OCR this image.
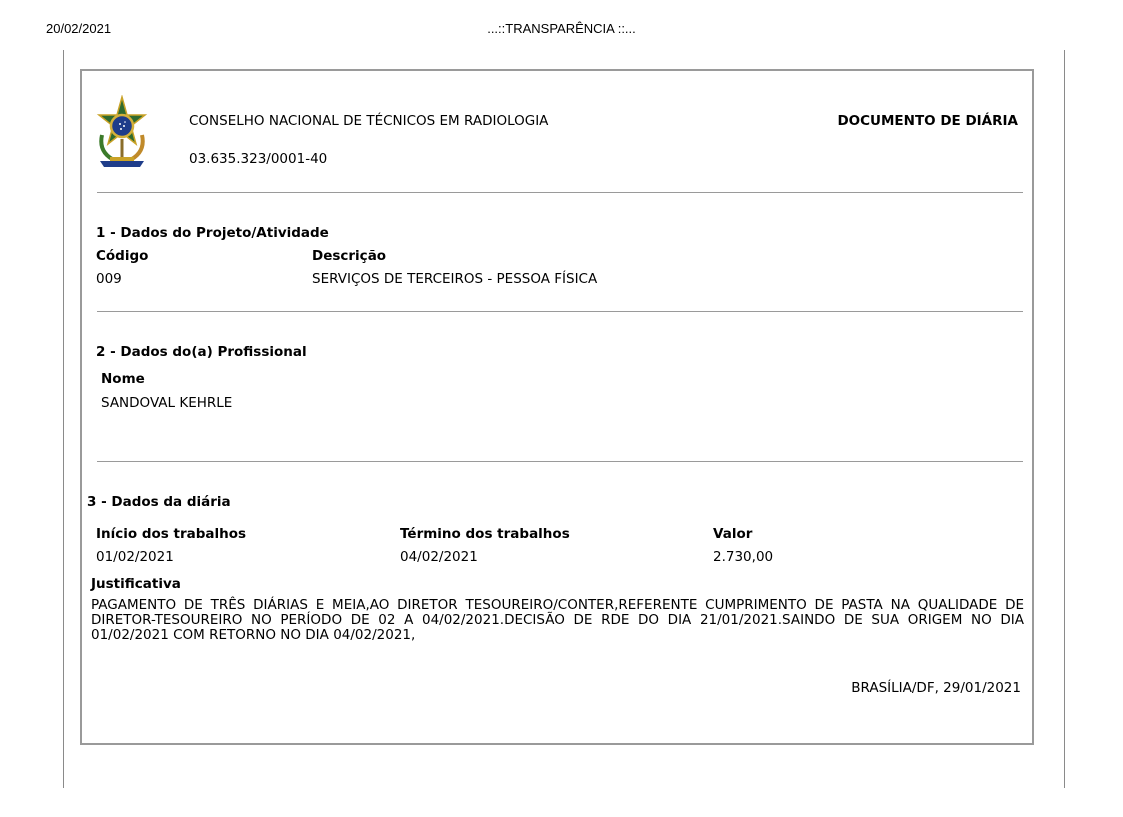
20/02/2021	...::TRANSPARÊNCIA ::...
CONSELHO NACIONAL DE TÉCNICOS EM RADIOLOGIA
03.635.323/0001-40
DOCUMENTO DE DIÁRIA
1 - Dados do Projeto/Atividade
Código	Descrição
009	SERVIÇOS DE TERCEIROS - PESSOA FÍSICA
2 - Dados do(a) Profissional
Nome
SANDOVAL KEHRLE
3 - Dados da diária
Início dos trabalhos	Término dos trabalhos	Valor
01/02/2021	04/02/2021	2.730,00
Justificativa
PAGAMENTO DE TRÊS DIÁRIAS E MEIA,AO DIRETOR TESOUREIRO/CONTER,REFERENTE CUMPRIMENTO DE PASTA NA QUALIDADE DE DIRETOR-TESOUREIRO NO PERÍODO DE 02 A 04/02/2021.DECISÃO DE RDE DO DIA 21/01/2021.SAINDO DE SUA ORIGEM NO DIA 01/02/2021 COM RETORNO NO DIA 04/02/2021,
BRASÍLIA/DF, 29/01/2021
